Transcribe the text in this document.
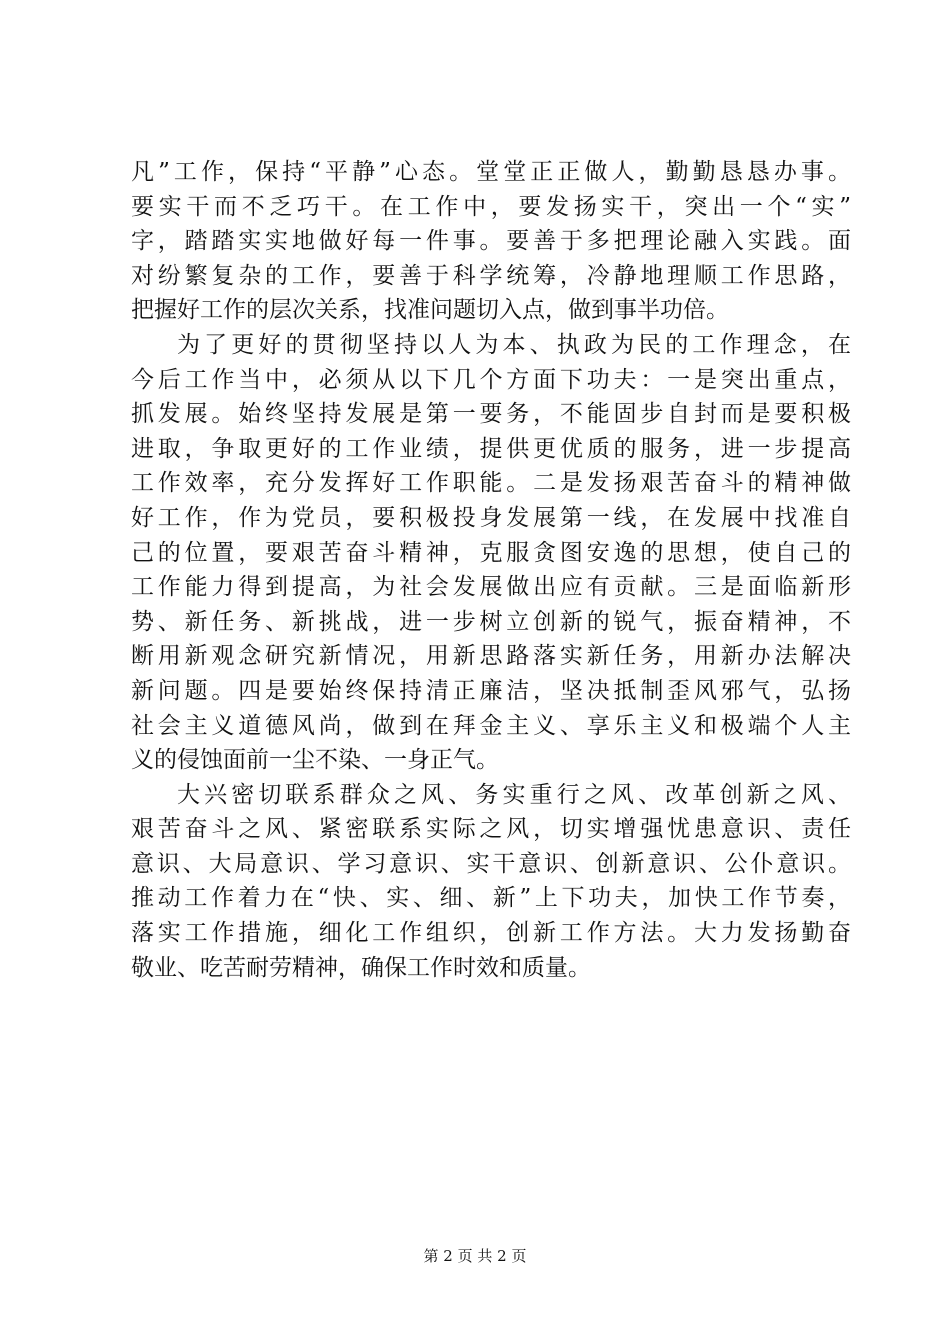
凡”工作，保持“平静”心态。堂堂正正做人，勤勤恳恳办事。
要实干而不乏巧干。在工作中，要发扬实干，突出一个“实”
字，踏踏实实地做好每一件事。要善于多把理论融入实践。面
对纷繁复杂的工作，要善于科学统筹，冷静地理顺工作思路，
把握好工作的层次关系，找准问题切入点，做到事半功倍。
为了更好的贯彻坚持以人为本、执政为民的工作理念，在
今后工作当中，必须从以下几个方面下功夫：一是突出重点，
抓发展。始终坚持发展是第一要务，不能固步自封而是要积极
进取，争取更好的工作业绩，提供更优质的服务，进一步提高
工作效率，充分发挥好工作职能。二是发扬艰苦奋斗的精神做
好工作，作为党员，要积极投身发展第一线，在发展中找准自
己的位置，要艰苦奋斗精神，克服贪图安逸的思想，使自己的
工作能力得到提高，为社会发展做出应有贡献。三是面临新形
势、新任务、新挑战，进一步树立创新的锐气，振奋精神，不
断用新观念研究新情况，用新思路落实新任务，用新办法解决
新问题。四是要始终保持清正廉洁，坚决抵制歪风邪气，弘扬
社会主义道德风尚，做到在拜金主义、享乐主义和极端个人主
义的侵蚀面前一尘不染、一身正气。
大兴密切联系群众之风、务实重行之风、改革创新之风、
艰苦奋斗之风、紧密联系实际之风，切实增强忧患意识、责任
意识、大局意识、学习意识、实干意识、创新意识、公仆意识。
推动工作着力在“快、实、细、新”上下功夫，加快工作节奏，
落实工作措施，细化工作组织，创新工作方法。大力发扬勤奋
敬业、吃苦耐劳精神，确保工作时效和质量。
第 2 页 共 2 页
